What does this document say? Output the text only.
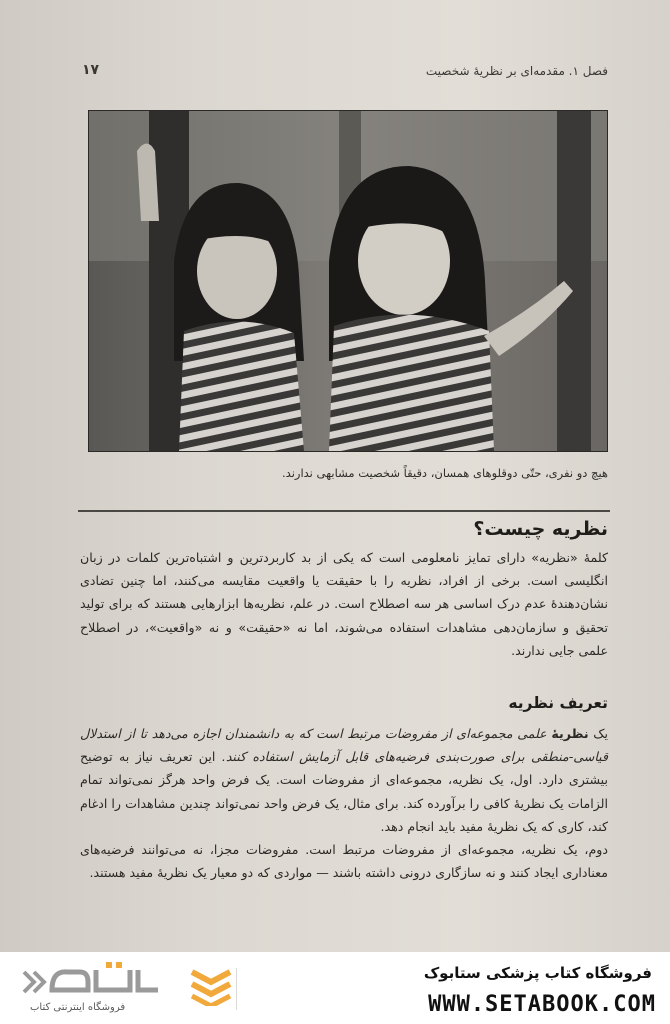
فصل ۱. مقدمه‌ای بر نظریهٔ شخصیت
۱۷
هیچ دو نفری، حتّی دوقلوهای همسان، دقیقاً شخصیت مشابهی ندارند.
نظریه چیست؟

کلمهٔ «نظریه» دارای تمایز نامعلومی است که یکی از بد کاربردترین و اشتباه‌ترین کلمات در زبان انگلیسی است. برخی از افراد، نظریه را با حقیقت یا واقعیت مقایسه می‌کنند، اما چنین تضادی نشان‌دهندهٔ عدم درک اساسی هر سه اصطلاح است. در علم، نظریه‌ها ابزارهایی هستند که برای تولید تحقیق و سازمان‌دهی مشاهدات استفاده می‌شوند، اما نه «حقیقت» و نه «واقعیت»، در اصطلاح علمی جایی ندارند.

تعریف نظریه

یک نظریهٔ علمی مجموعه‌ای از مفروضات مرتبط است که به دانشمندان اجازه می‌دهد تا از استدلال قیاسی-منطقی برای صورت‌بندی فرضیه‌های قابل آزمایش استفاده کنند. این تعریف نیاز به توضیح بیشتری دارد. اول، یک نظریه، مجموعه‌ای از مفروضات است. یک فرض واحد هرگز نمی‌تواند تمام الزامات یک نظریهٔ کافی را برآورده کند. برای مثال، یک فرض واحد نمی‌تواند چندین مشاهدات را ادغام کند، کاری که یک نظریهٔ مفید باید انجام دهد.

دوم، یک نظریه، مجموعه‌ای از مفروضات مرتبط است. مفروضات مجزا، نه می‌توانند فرضیه‌های معناداری ایجاد کنند و نه سازگاری درونی داشته باشند — مواردی که دو معیار یک نظریهٔ مفید هستند.

فروشگاه اینترنتی کتاب
فروشگاه کتاب پزشکی ستابوک
WWW.SETABOOK.COM
